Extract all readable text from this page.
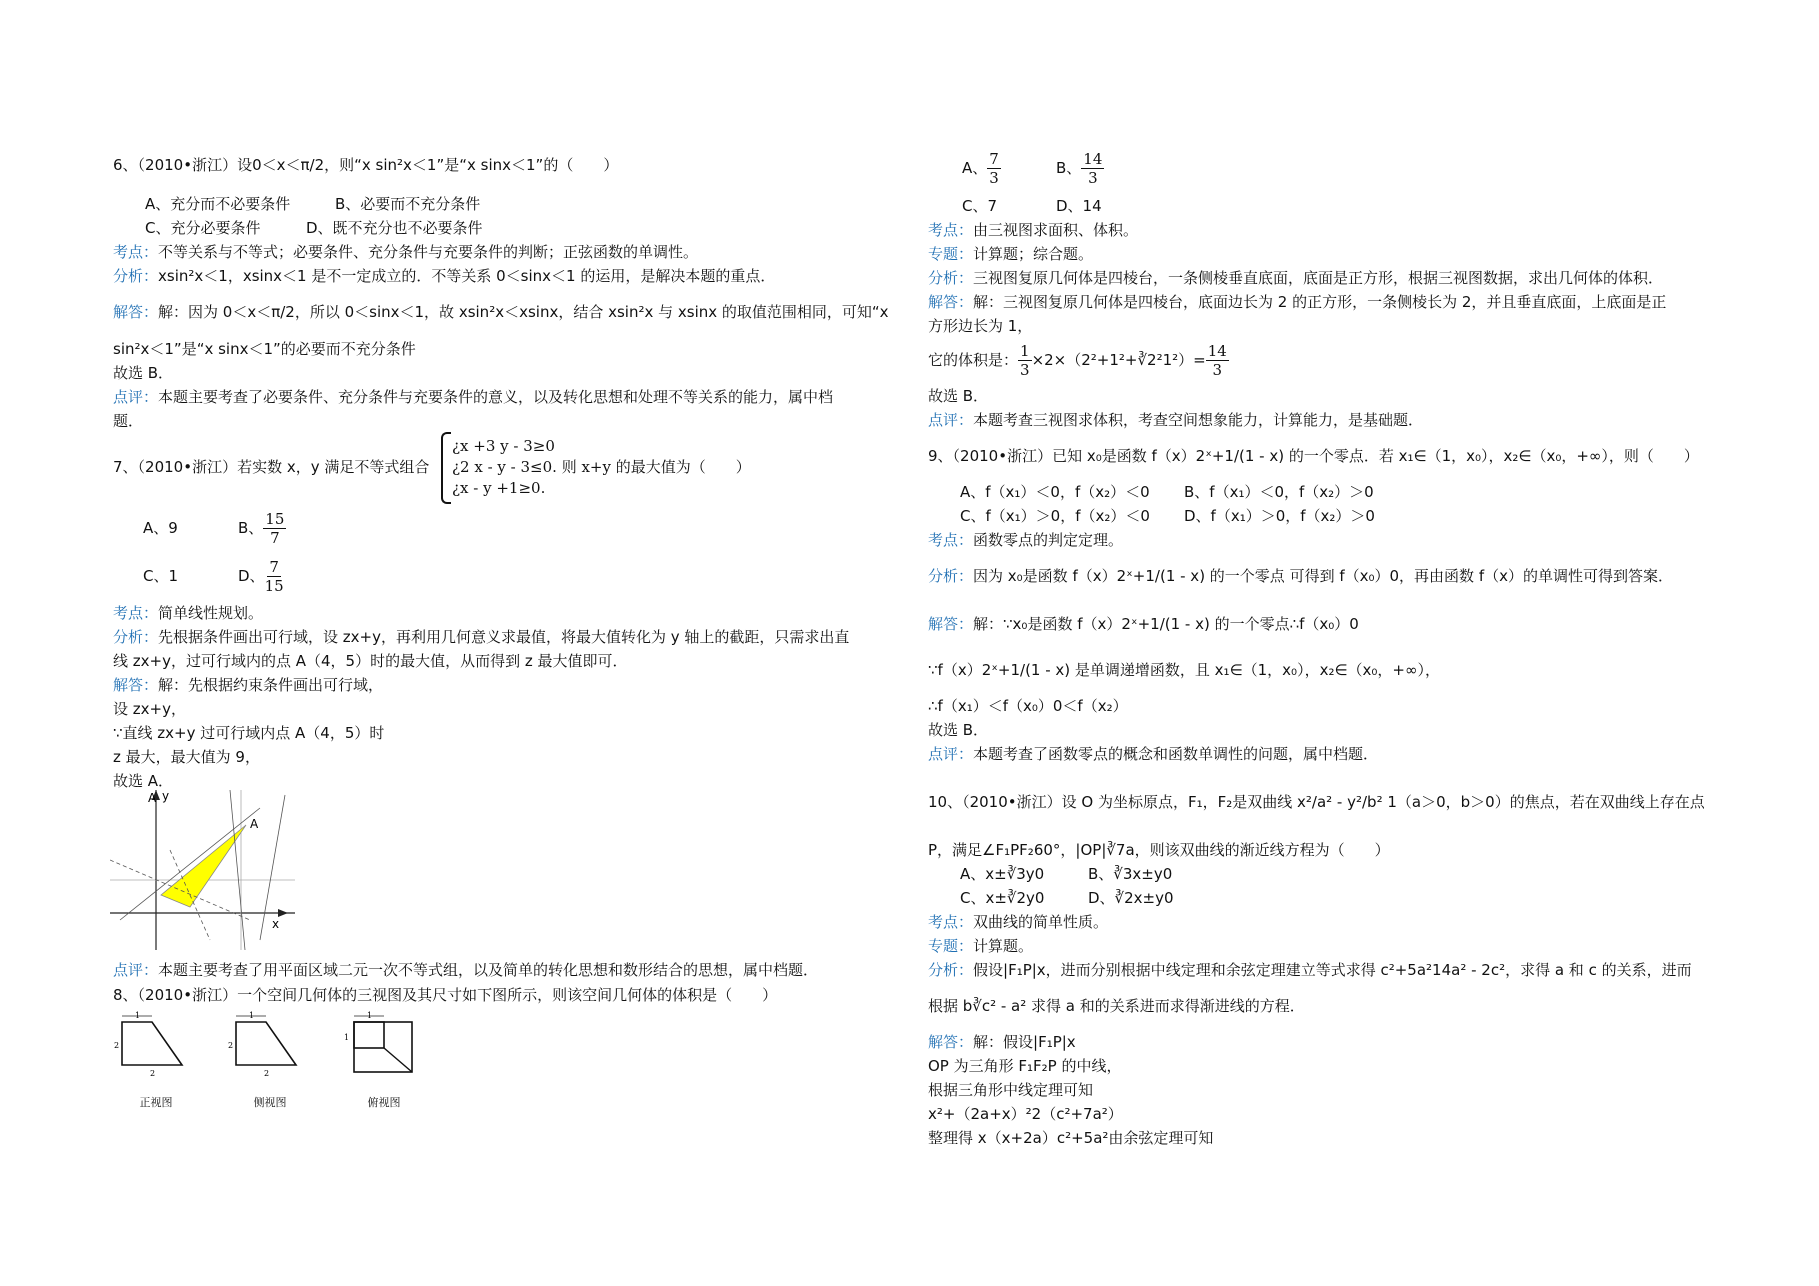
6、（2010•浙江）设0＜x＜π/2，则“x sin²x＜1”是“x sinx＜1”的（　　）
A、充分而不必要条件	B、必要而不充分条件
C、充分必要条件	D、既不充分也不必要条件
考点：不等关系与不等式；必要条件、充分条件与充要条件的判断；正弦函数的单调性。
分析：xsin²x＜1，xsinx＜1 是不一定成立的．不等关系 0＜sinx＜1 的运用，是解决本题的重点．
解答：解：因为 0＜x＜π/2，所以 0＜sinx＜1，故 xsin²x＜xsinx，结合 xsin²x 与 xsinx 的取值范围相同，可知“x
sin²x＜1”是“x sinx＜1”的必要而不充分条件
故选 B．
点评：本题主要考查了必要条件、充分条件与充要条件的意义，以及转化思想和处理不等关系的能力，属中档
题．
7、（2010•浙江）若实数 x，y 满足不等式组合
¿x +3 y - 3≥0
¿2 x - y - 3≤0. 则 x+y 的最大值为（　　）
¿x - y +1≥0.
A、9	B、 $\frac{15}{7}$
C、1	D、 $\frac{7}{15}$
考点：简单线性规划。
分析：先根据条件画出可行域，设 zx+y，再利用几何意义求最值，将最大值转化为 y 轴上的截距，只需求出直
线 zx+y，过可行域内的点 A（4，5）时的最大值，从而得到 z 最大值即可．
解答：解：先根据约束条件画出可行域，
设 zx+y，
∵直线 zx+y 过可行域内点 A（4，5）时
z 最大，最大值为 9，
故选 A．
A y
x
A
点评：本题主要考查了用平面区域二元一次不等式组，以及简单的转化思想和数形结合的思想，属中档题．
8、（2010•浙江）一个空间几何体的三视图及其尺寸如下图所示，则该空间几何体的体积是（　　）
1
2
2
正视图
1
2
2
侧视图
1
1
俯视图
A、 $\frac{7}{3}$	B、 $\frac{14}{3}$
C、7	D、14
考点：由三视图求面积、体积。
专题：计算题；综合题。
分析：三视图复原几何体是四棱台，一条侧棱垂直底面，底面是正方形，根据三视图数据，求出几何体的体积．
解答：解：三视图复原几何体是四棱台，底面边长为 2 的正方形，一条侧棱长为 2，并且垂直底面，上底面是正
方形边长为 1，
它的体积是： $\frac{1}{3}$ ×2×（2²+1²+∛2²1²）= $\frac{14}{3}$
故选 B．
点评：本题考查三视图求体积，考查空间想象能力，计算能力，是基础题．
9、（2010•浙江）已知 x₀是函数 f（x）2ˣ+1/(1 - x) 的一个零点．若 x₁∈（1，x₀），x₂∈（x₀，+∞），则（　　）
A、f（x₁）＜0，f（x₂）＜0 B、f（x₁）＜0，f（x₂）＞0
C、f（x₁）＞0，f（x₂）＜0 D、f（x₁）＞0，f（x₂）＞0
考点：函数零点的判定定理。
分析：因为 x₀是函数 f（x）2ˣ+1/(1 - x) 的一个零点 可得到 f（x₀）0，再由函数 f（x）的单调性可得到答案．
解答：解：∵x₀是函数 f（x）2ˣ+1/(1 - x) 的一个零点∴f（x₀）0
∵f（x）2ˣ+1/(1 - x) 是单调递增函数，且 x₁∈（1，x₀），x₂∈（x₀，+∞），
∴f（x₁）＜f（x₀）0＜f（x₂）
故选 B．
点评：本题考查了函数零点的概念和函数单调性的问题，属中档题．
10、（2010•浙江）设 O 为坐标原点，F₁，F₂是双曲线 x²/a² - y²/b² 1（a＞0，b＞0）的焦点，若在双曲线上存在点
P，满足∠F₁PF₂60°，|OP|∛7a，则该双曲线的渐近线方程为（　　）
A、x±∛3y0	B、∛3x±y0
C、x±∛2y0	D、∛2x±y0
考点：双曲线的简单性质。
专题：计算题。
分析：假设|F₁P|x，进而分别根据中线定理和余弦定理建立等式求得 c²+5a²14a² - 2c²，求得 a 和 c 的关系，进而
根据 b∛c² - a² 求得 a 和的关系进而求得渐进线的方程．
解答：解：假设|F₁P|x
OP 为三角形 F₁F₂P 的中线，
根据三角形中线定理可知
x²+（2a+x）²2（c²+7a²）
整理得 x（x+2a）c²+5a²由余弦定理可知
